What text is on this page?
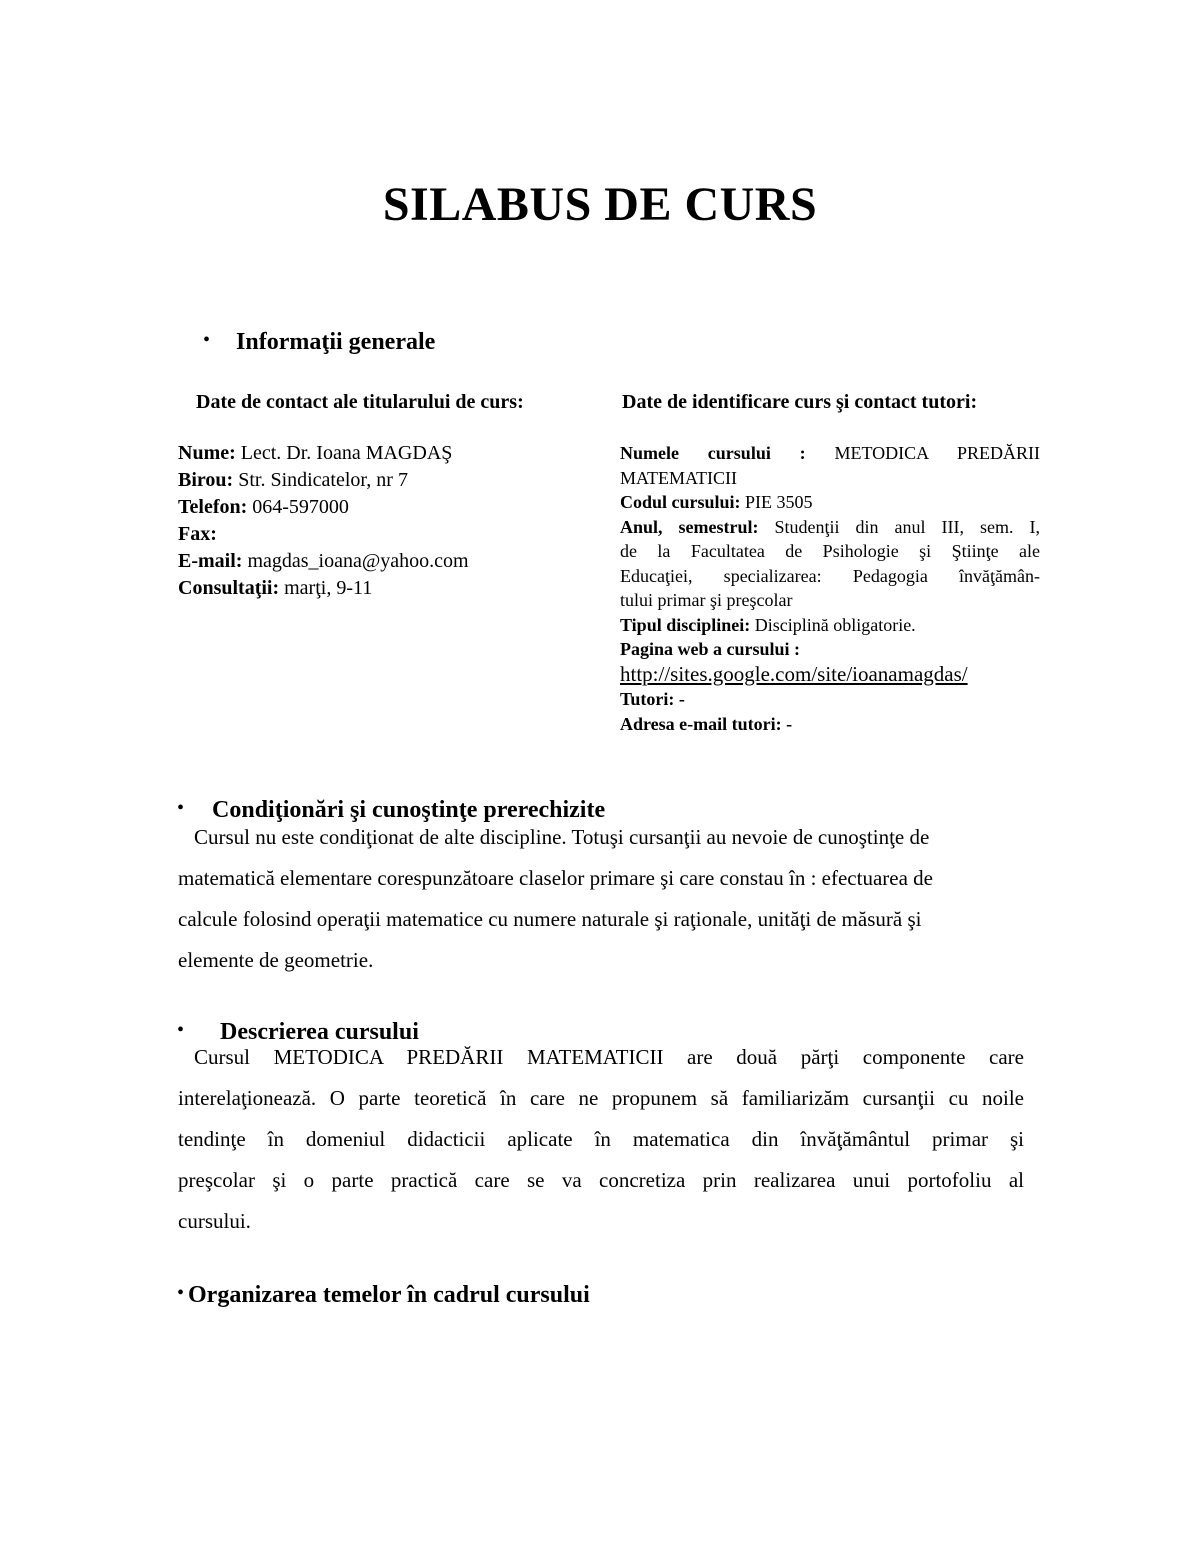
SILABUS DE CURS
• Informaţii generale
Date de contact ale titularului de curs:
Nume: Lect. Dr. Ioana MAGDAŞ
Birou: Str. Sindicatelor, nr 7
Telefon: 064-597000
Fax:
E-mail: magdas_ioana@yahoo.com
Consultaţii: marţi, 9-11
Date de identificare curs şi contact tutori:
Numele cursului : METODICA PREDĂRII
MATEMATICII
Codul cursului: PIE 3505
Anul, semestrul: Studenţii din anul III, sem. I,
de la Facultatea de Psihologie şi Ştiinţe ale
Educaţiei, specializarea: Pedagogia învăţămân-
tului primar şi preşcolar
Tipul disciplinei: Disciplină obligatorie.
Pagina web a cursului :
http://sites.google.com/site/ioanamagdas/
Tutori: -
Adresa e-mail tutori: -
• Condiţionări şi cunoştinţe prerechizite
Cursul nu este condiţionat de alte discipline. Totuşi cursanţii au nevoie de cunoştinţe de
matematică elementare corespunzătoare claselor primare şi care constau în : efectuarea de
calcule folosind operaţii matematice cu numere naturale şi raţionale, unităţi de măsură şi
elemente de geometrie.
• Descrierea cursului
Cursul METODICA PREDĂRII MATEMATICII are două părţi componente care
interelaţionează. O parte teoretică în care ne propunem să familiarizăm cursanţii cu noile
tendinţe în domeniul didacticii aplicate în matematica din învăţământul primar şi
preşcolar şi o parte practică care se va concretiza prin realizarea unui portofoliu al
cursului.
• Organizarea temelor în cadrul cursului
